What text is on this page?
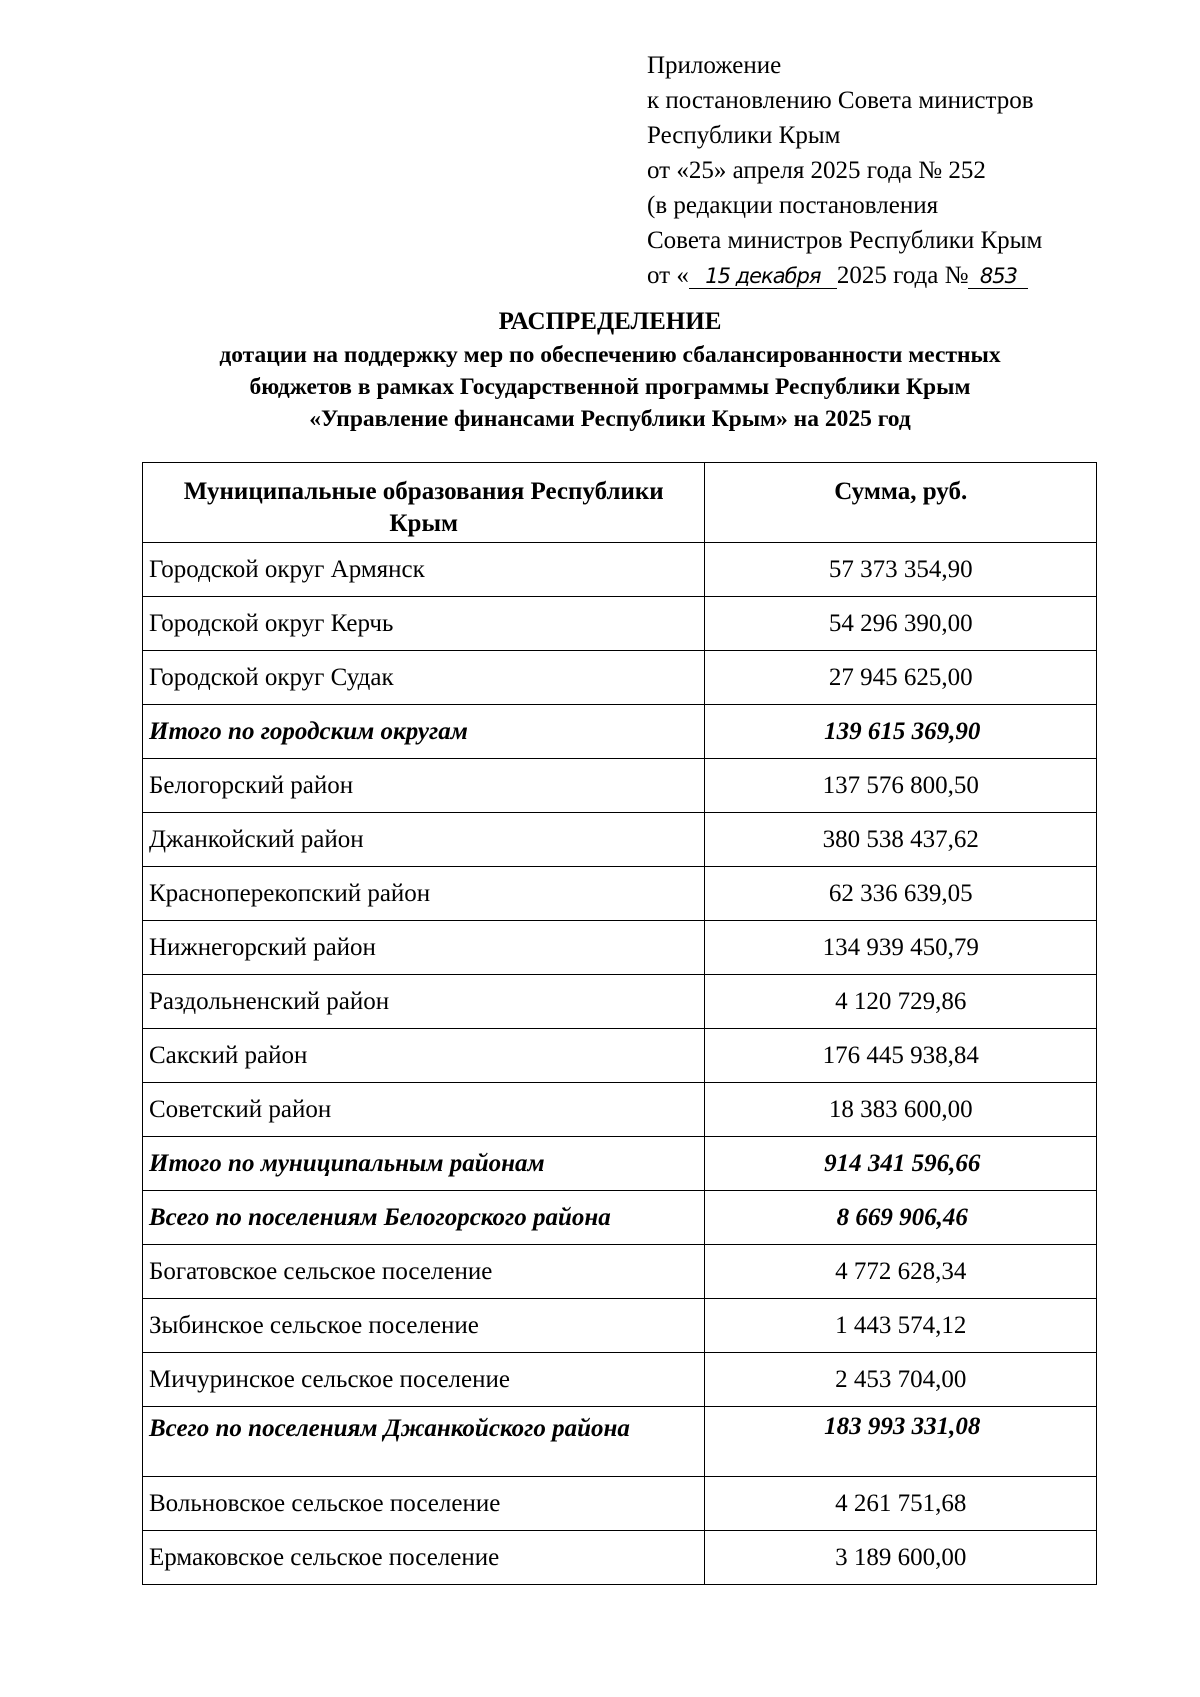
Приложение
к постановлению Совета министров
Республики Крым
от «25» апреля 2025 года № 252
(в редакции постановления
Совета министров Республики Крым
от « 15 декабря 2025 года № 853
РАСПРЕДЕЛЕНИЕ
дотации на поддержку мер по обеспечению сбалансированности местных
бюджетов в рамках Государственной программы Республики Крым
«Управление финансами Республики Крым» на 2025 год
Муниципальные образования Республики Крым	Сумма, руб.
Городской округ Армянск	57 373 354,90
Городской округ Керчь	54 296 390,00
Городской округ Судак	27 945 625,00
Итого по городским округам	139 615 369,90
Белогорский район	137 576 800,50
Джанкойский район	380 538 437,62
Красноперекопский район	62 336 639,05
Нижнегорский район	134 939 450,79
Раздольненский район	4 120 729,86
Сакский район	176 445 938,84
Советский район	18 383 600,00
Итого по муниципальным районам	914 341 596,66
Всего по поселениям Белогорского района	8 669 906,46
Богатовское сельское поселение	4 772 628,34
Зыбинское сельское поселение	1 443 574,12
Мичуринское сельское поселение	2 453 704,00
Всего по поселениям Джанкойского района	183 993 331,08
Вольновское сельское поселение	4 261 751,68
Ермаковское сельское поселение	3 189 600,00
